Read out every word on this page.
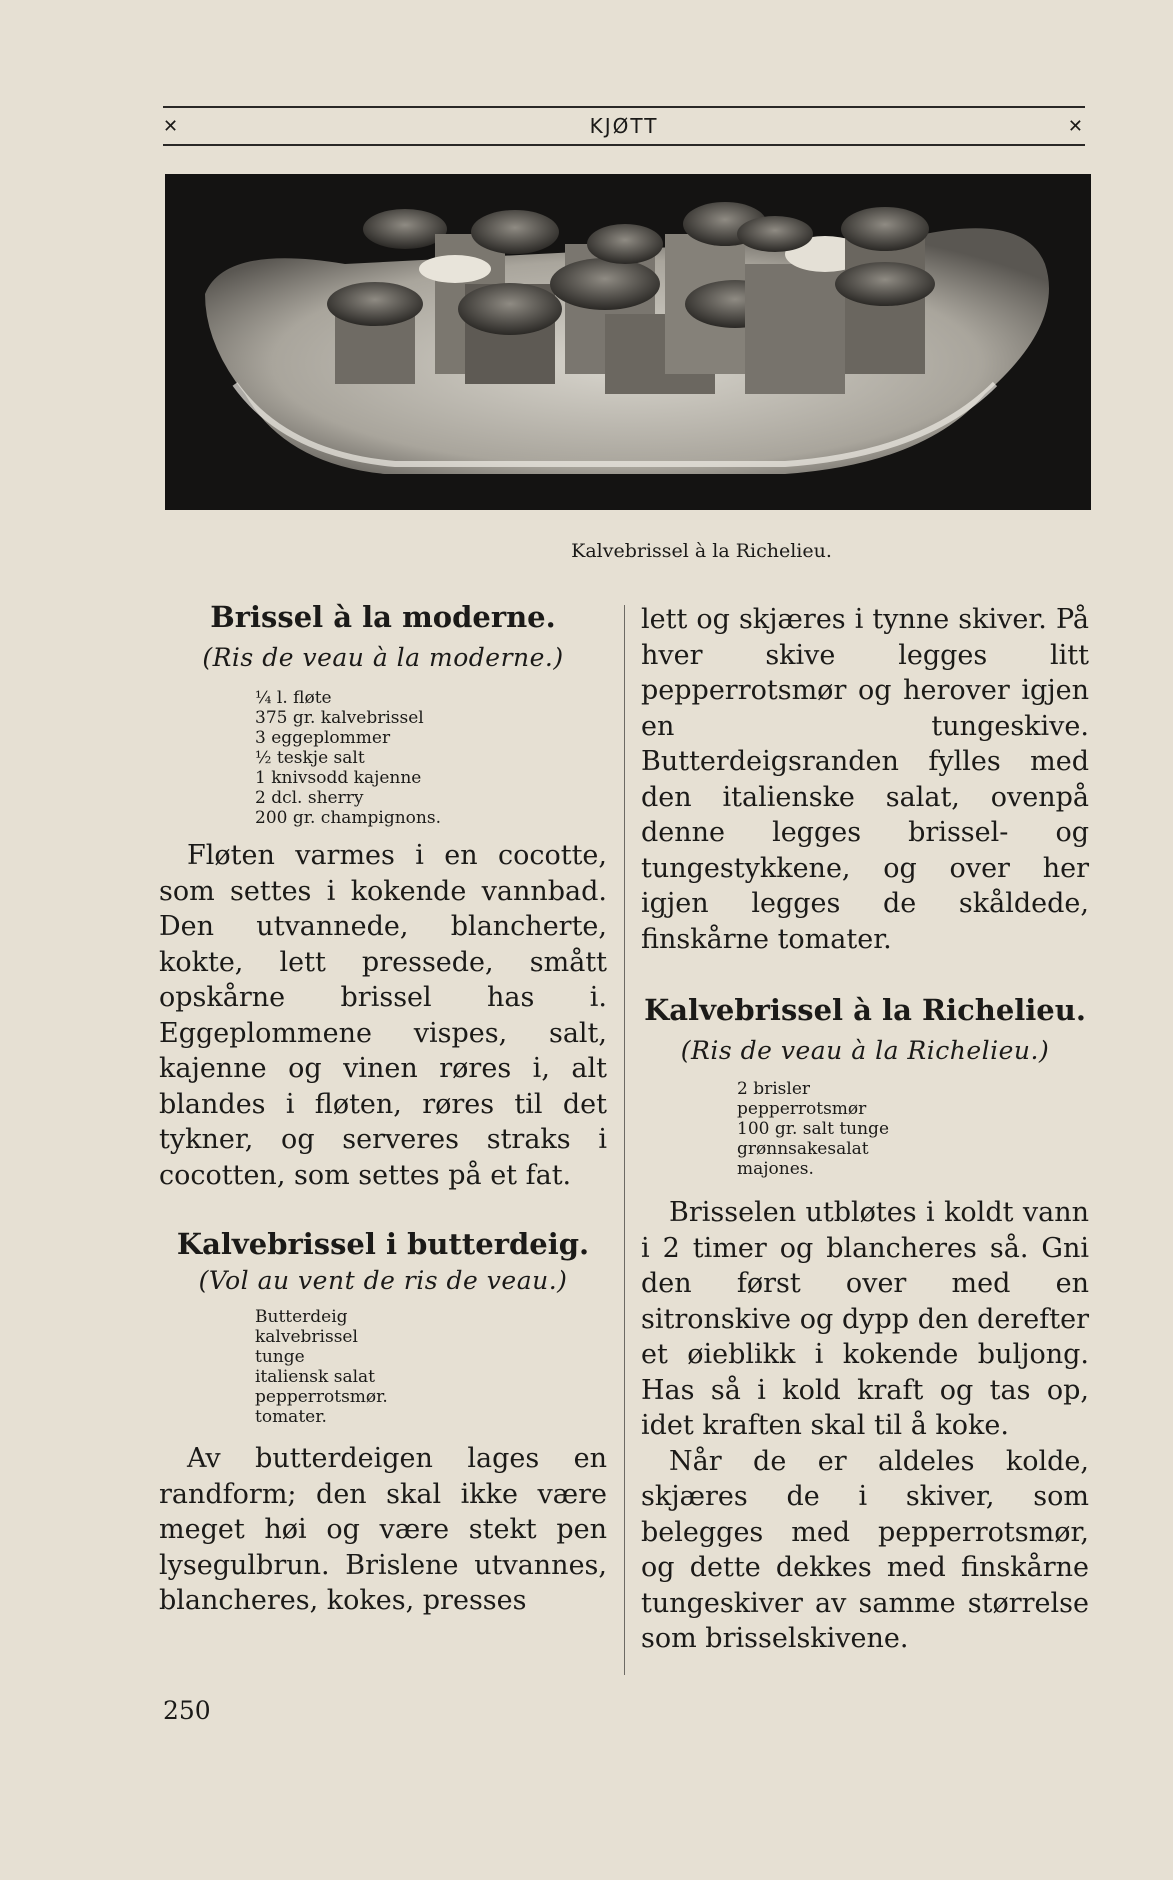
✕	KJØTT	✕
Kalvebrissel à la Richelieu.
Brissel à la moderne.

(Ris de veau à la moderne.)

¼ l. fløte
375 gr. kalvebrissel
3 eggeplommer
½ teskje salt
1 knivsodd kajenne
2 dcl. sherry
200 gr. champignons.

Fløten varmes i en cocotte, som settes i kokende vannbad. Den utvannede, blancherte, kokte, lett pressede, smått opskårne brissel has i. Eggeplommene vispes, salt, kajenne og vinen røres i, alt blandes i fløten, røres til det tykner, og serveres straks i cocotten, som settes på et fat.

Kalvebrissel i butterdeig.

(Vol au vent de ris de veau.)

Butterdeig
kalvebrissel
tunge
italiensk salat
pepperrotsmør.
tomater.

Av butterdeigen lages en randform; den skal ikke være meget høi og være stekt pen lysegulbrun. Brislene utvannes, blancheres, kokes, presses

lett og skjæres i tynne skiver. På hver skive legges litt pepperrotsmør og herover igjen en tungeskive. Butterdeigsranden fylles med den italienske salat, ovenpå denne legges brissel- og tungestykkene, og over her igjen legges de skåldede, finskårne tomater.

Kalvebrissel à la Richelieu.

(Ris de veau à la Richelieu.)

2 brisler
pepperrotsmør
100 gr. salt tunge
grønnsakesalat
majones.

Brisselen utbløtes i koldt vann i 2 timer og blancheres så. Gni den først over med en sitronskive og dypp den derefter et øieblikk i kokende buljong. Has så i kold kraft og tas op, idet kraften skal til å koke.

Når de er aldeles kolde, skjæres de i skiver, som belegges med pepperrotsmør, og dette dekkes med finskårne tungeskiver av samme størrelse som brisselskivene.

250
